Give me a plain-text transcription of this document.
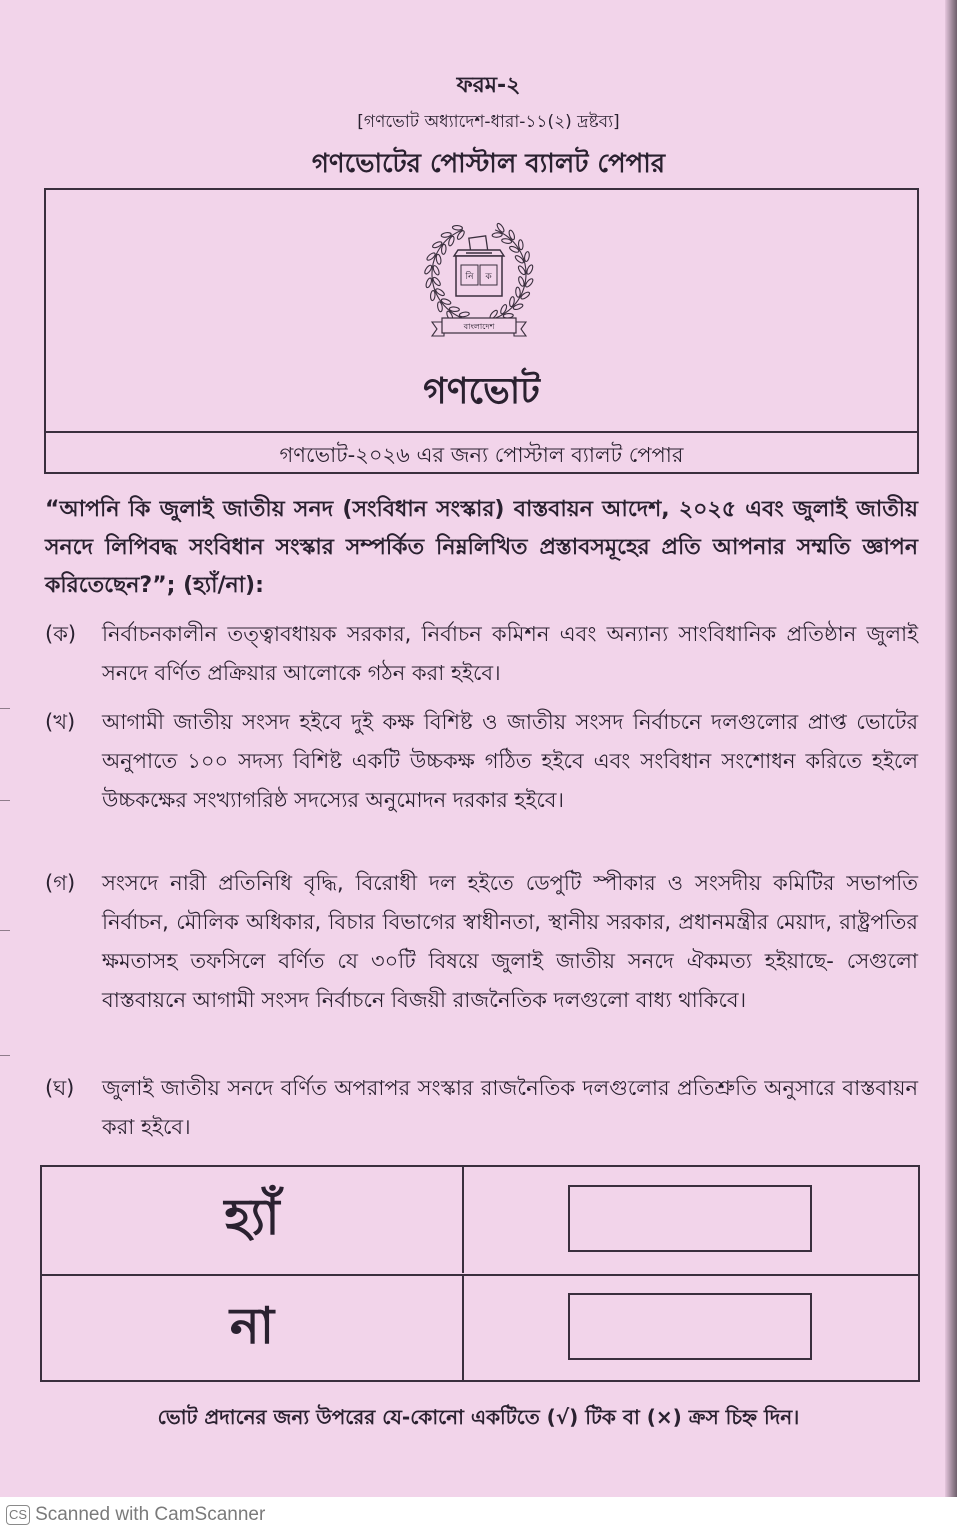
ফরম-২
[গণভোট অধ্যাদেশ-ধারা-১১(২) দ্রষ্টব্য]
গণভোটের পোস্টাল ব্যালট পেপার
নি ক
বাংলাদেশ
গণভোট
গণভোট-২০২৬ এর জন্য পোস্টাল ব্যালট পেপার
“আপনি কি জুলাই জাতীয় সনদ (সংবিধান সংস্কার) বাস্তবায়ন আদেশ, ২০২৫ এবং জুলাই জাতীয় সনদে লিপিবদ্ধ সংবিধান সংস্কার সম্পর্কিত নিম্নলিখিত প্রস্তাবসমূহের প্রতি আপনার সম্মতি জ্ঞাপন করিতেছেন?”; (হ্যাঁ/না):
(ক)	নির্বাচনকালীন তত্ত্বাবধায়ক সরকার, নির্বাচন কমিশন এবং অন্যান্য সাংবিধানিক প্রতিষ্ঠান জুলাই সনদে বর্ণিত প্রক্রিয়ার আলোকে গঠন করা হইবে।
(খ)	আগামী জাতীয় সংসদ হইবে দুই কক্ষ বিশিষ্ট ও জাতীয় সংসদ নির্বাচনে দলগুলোর প্রাপ্ত ভোটের অনুপাতে ১০০ সদস্য বিশিষ্ট একটি উচ্চকক্ষ গঠিত হইবে এবং সংবিধান সংশোধন করিতে হইলে উচ্চকক্ষের সংখ্যাগরিষ্ঠ সদস্যের অনুমোদন দরকার হইবে।
(গ)	সংসদে নারী প্রতিনিধি বৃদ্ধি, বিরোধী দল হইতে ডেপুটি স্পীকার ও সংসদীয় কমিটির সভাপতি নির্বাচন, মৌলিক অধিকার, বিচার বিভাগের স্বাধীনতা, স্থানীয় সরকার, প্রধানমন্ত্রীর মেয়াদ, রাষ্ট্রপতির ক্ষমতাসহ তফসিলে বর্ণিত যে ৩০টি বিষয়ে জুলাই জাতীয় সনদে ঐকমত্য হইয়াছে- সেগুলো বাস্তবায়নে আগামী সংসদ নির্বাচনে বিজয়ী রাজনৈতিক দলগুলো বাধ্য থাকিবে।
(ঘ)	জুলাই জাতীয় সনদে বর্ণিত অপরাপর সংস্কার রাজনৈতিক দলগুলোর প্রতিশ্রুতি অনুসারে বাস্তবায়ন করা হইবে।
হ্যাঁ
না
ভোট প্রদানের জন্য উপরের যে-কোনো একটিতে (√) টিক বা (×) ক্রস চিহ্ন দিন।
CS Scanned with CamScanner
